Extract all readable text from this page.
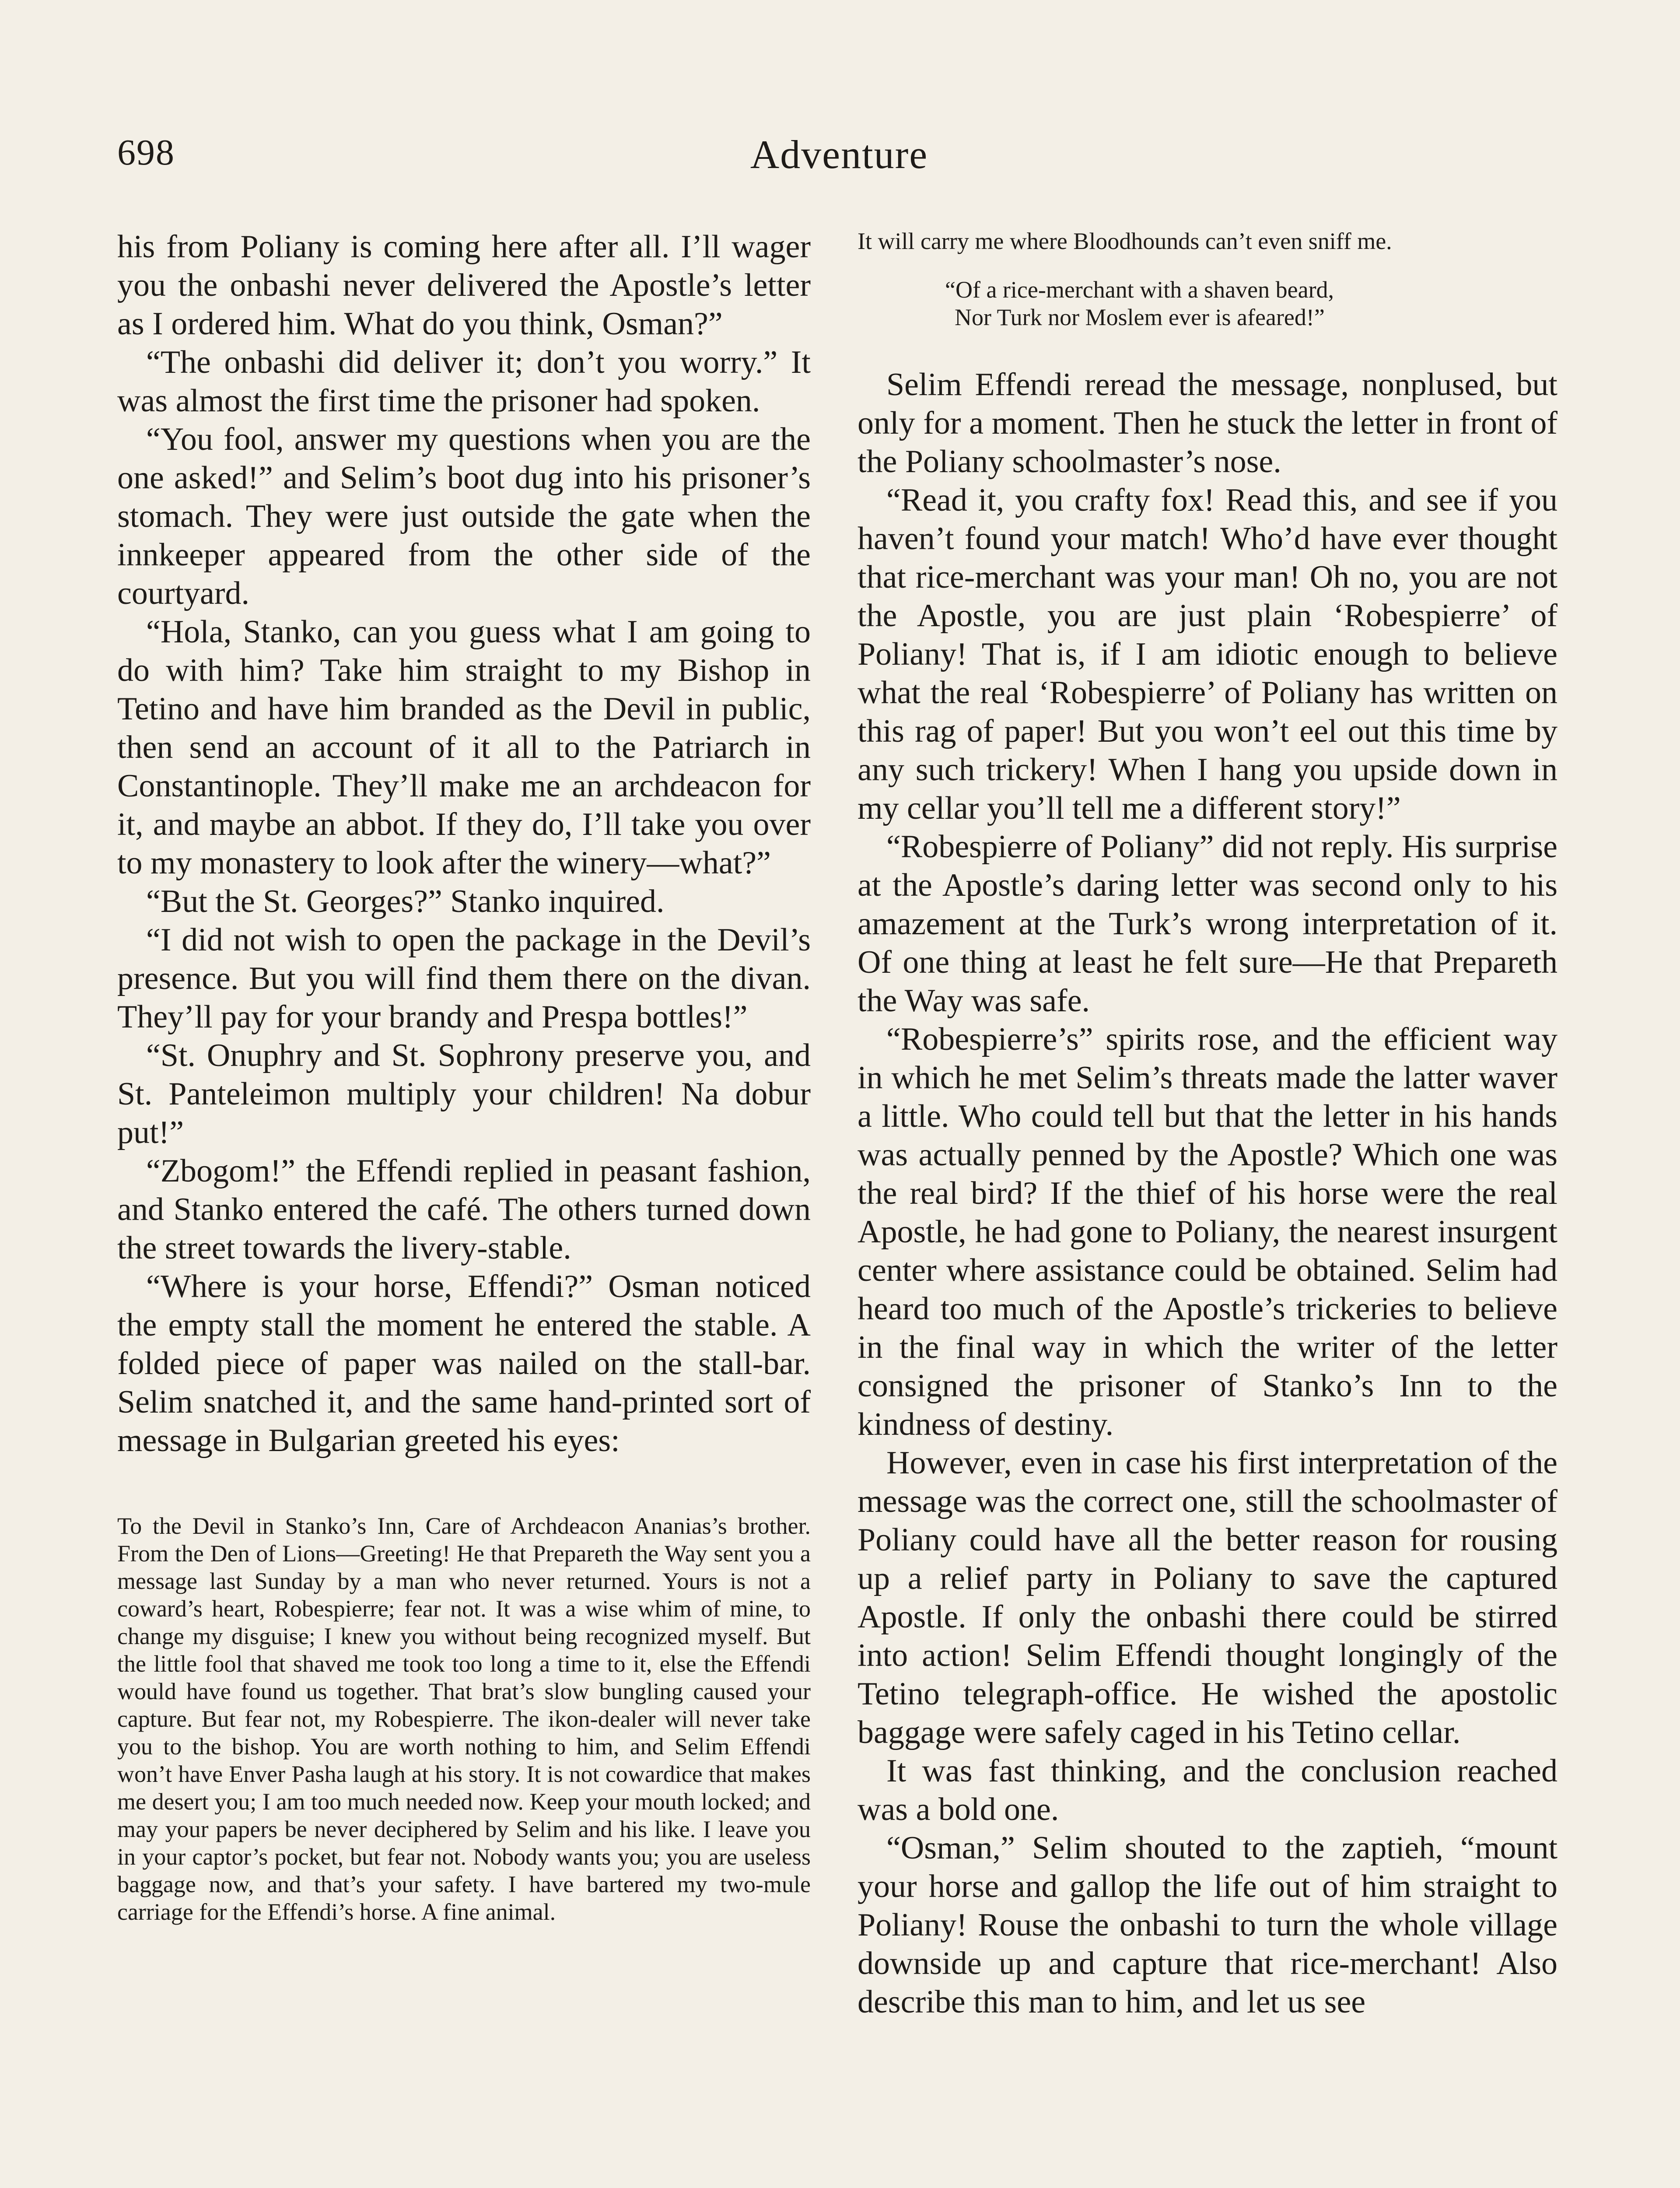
698	Adventure

his from Poliany is coming here after all. I’ll wager you the onbashi never delivered the Apostle’s letter as I ordered him. What do you think, Osman?”

“The onbashi did deliver it; don’t you worry.” It was almost the first time the prisoner had spoken.

“You fool, answer my questions when you are the one asked!” and Selim’s boot dug into his prisoner’s stomach. They were just outside the gate when the innkeeper appeared from the other side of the courtyard.

“Hola, Stanko, can you guess what I am going to do with him? Take him straight to my Bishop in Tetino and have him branded as the Devil in public, then send an account of it all to the Patriarch in Constantinople. They’ll make me an archdeacon for it, and maybe an abbot. If they do, I’ll take you over to my monastery to look after the winery—what?”

“But the St. Georges?” Stanko inquired.

“I did not wish to open the package in the Devil’s presence. But you will find them there on the divan. They’ll pay for your brandy and Prespa bottles!”

“St. Onuphry and St. Sophrony preserve you, and St. Panteleimon multiply your children! Na dobur put!”

“Zbogom!” the Effendi replied in peasant fashion, and Stanko entered the café. The others turned down the street towards the livery-stable.

“Where is your horse, Effendi?” Osman noticed the empty stall the moment he entered the stable. A folded piece of paper was nailed on the stall-bar. Selim snatched it, and the same hand-printed sort of message in Bulgarian greeted his eyes:

To the Devil in Stanko’s Inn, Care of Archdeacon Ananias’s brother. From the Den of Lions—Greeting! He that Prepareth the Way sent you a message last Sunday by a man who never returned. Yours is not a coward’s heart, Robespierre; fear not. It was a wise whim of mine, to change my disguise; I knew you without being recognized myself. But the little fool that shaved me took too long a time to it, else the Effendi would have found us together. That brat’s slow bungling caused your capture. But fear not, my Robespierre. The ikon-dealer will never take you to the bishop. You are worth nothing to him, and Selim Effendi won’t have Enver Pasha laugh at his story. It is not cowardice that makes me desert you; I am too much needed now. Keep your mouth locked; and may your papers be never deciphered by Selim and his like. I leave you in your captor’s pocket, but fear not. Nobody wants you; you are useless baggage now, and that’s your safety. I have bartered my two-mule carriage for the Effendi’s horse. A fine animal.

It will carry me where Bloodhounds can’t even sniff me.

“Of a rice-merchant with a shaven beard,
Nor Turk nor Moslem ever is afeared!”

Selim Effendi reread the message, nonplused, but only for a moment. Then he stuck the letter in front of the Poliany schoolmaster’s nose.

“Read it, you crafty fox! Read this, and see if you haven’t found your match! Who’d have ever thought that rice-merchant was your man! Oh no, you are not the Apostle, you are just plain ‘Robespierre’ of Poliany! That is, if I am idiotic enough to believe what the real ‘Robespierre’ of Poliany has written on this rag of paper! But you won’t eel out this time by any such trickery! When I hang you upside down in my cellar you’ll tell me a different story!”

“Robespierre of Poliany” did not reply. His surprise at the Apostle’s daring letter was second only to his amazement at the Turk’s wrong interpretation of it. Of one thing at least he felt sure—He that Prepareth the Way was safe.

“Robespierre’s” spirits rose, and the efficient way in which he met Selim’s threats made the latter waver a little. Who could tell but that the letter in his hands was actually penned by the Apostle? Which one was the real bird? If the thief of his horse were the real Apostle, he had gone to Poliany, the nearest insurgent center where assistance could be obtained. Selim had heard too much of the Apostle’s trickeries to believe in the final way in which the writer of the letter consigned the prisoner of Stanko’s Inn to the kindness of destiny.

However, even in case his first interpretation of the message was the correct one, still the schoolmaster of Poliany could have all the better reason for rousing up a relief party in Poliany to save the captured Apostle. If only the onbashi there could be stirred into action! Selim Effendi thought longingly of the Tetino telegraph-office. He wished the apostolic baggage were safely caged in his Tetino cellar.

It was fast thinking, and the conclusion reached was a bold one.

“Osman,” Selim shouted to the zaptieh, “mount your horse and gallop the life out of him straight to Poliany! Rouse the onbashi to turn the whole village downside up and capture that rice-merchant! Also describe this man to him, and let us see
